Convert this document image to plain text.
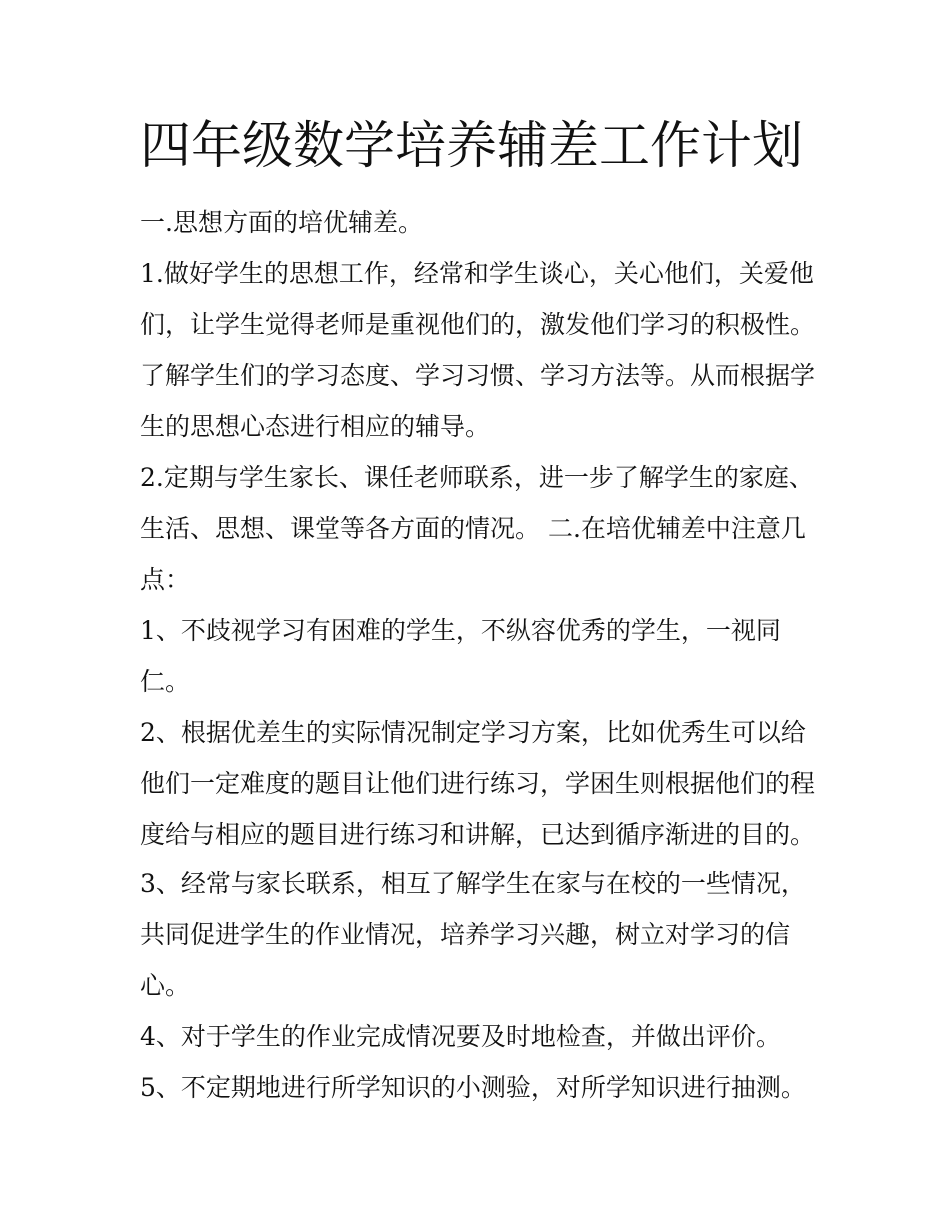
四年级数学培养辅差工作计划
一.思想方面的培优辅差。
1.做好学生的思想工作，经常和学生谈心，关心他们，关爱他
们，让学生觉得老师是重视他们的，激发他们学习的积极性。
了解学生们的学习态度、学习习惯、学习方法等。从而根据学
生的思想心态进行相应的辅导。
2.定期与学生家长、课任老师联系，进一步了解学生的家庭、
生活、思想、课堂等各方面的情况。 二.在培优辅差中注意几
点：
1、不歧视学习有困难的学生，不纵容优秀的学生，一视同
仁。
2、根据优差生的实际情况制定学习方案，比如优秀生可以给
他们一定难度的题目让他们进行练习，学困生则根据他们的程
度给与相应的题目进行练习和讲解，已达到循序渐进的目的。
3、经常与家长联系，相互了解学生在家与在校的一些情况，
共同促进学生的作业情况，培养学习兴趣，树立对学习的信
心。
4、对于学生的作业完成情况要及时地检查，并做出评价。
5、不定期地进行所学知识的小测验，对所学知识进行抽测。
